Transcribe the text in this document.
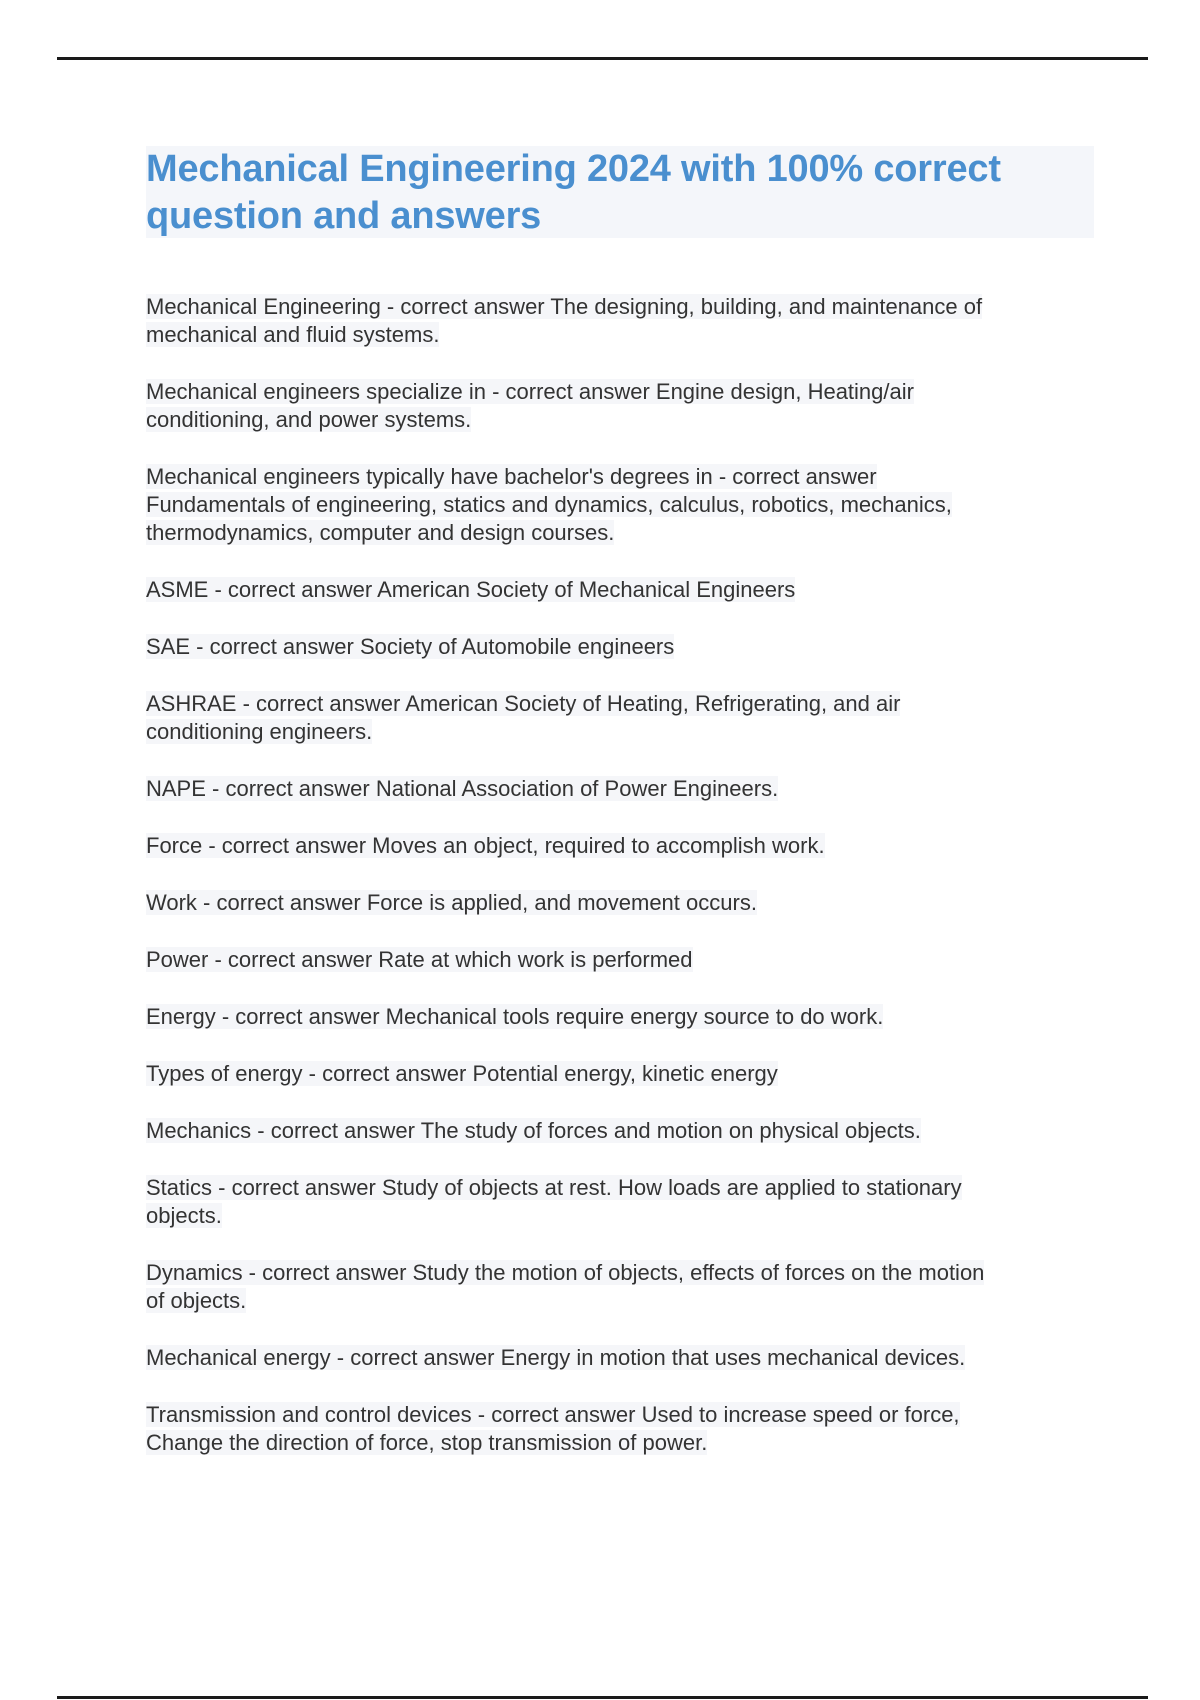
Mechanical Engineering 2024 with 100% correct
question and answers
Mechanical Engineering - correct answer The designing, building, and maintenance of
mechanical and fluid systems.
Mechanical engineers specialize in - correct answer Engine design, Heating/air
conditioning, and power systems.
Mechanical engineers typically have bachelor's degrees in - correct answer
Fundamentals of engineering, statics and dynamics, calculus, robotics, mechanics,
thermodynamics, computer and design courses.
ASME - correct answer American Society of Mechanical Engineers
SAE - correct answer Society of Automobile engineers
ASHRAE - correct answer American Society of Heating, Refrigerating, and air
conditioning engineers.
NAPE - correct answer National Association of Power Engineers.
Force - correct answer Moves an object, required to accomplish work.
Work - correct answer Force is applied, and movement occurs.
Power - correct answer Rate at which work is performed
Energy - correct answer Mechanical tools require energy source to do work.
Types of energy - correct answer Potential energy, kinetic energy
Mechanics - correct answer The study of forces and motion on physical objects.
Statics - correct answer Study of objects at rest. How loads are applied to stationary
objects.
Dynamics - correct answer Study the motion of objects, effects of forces on the motion
of objects.
Mechanical energy - correct answer Energy in motion that uses mechanical devices.
Transmission and control devices - correct answer Used to increase speed or force,
Change the direction of force, stop transmission of power.
